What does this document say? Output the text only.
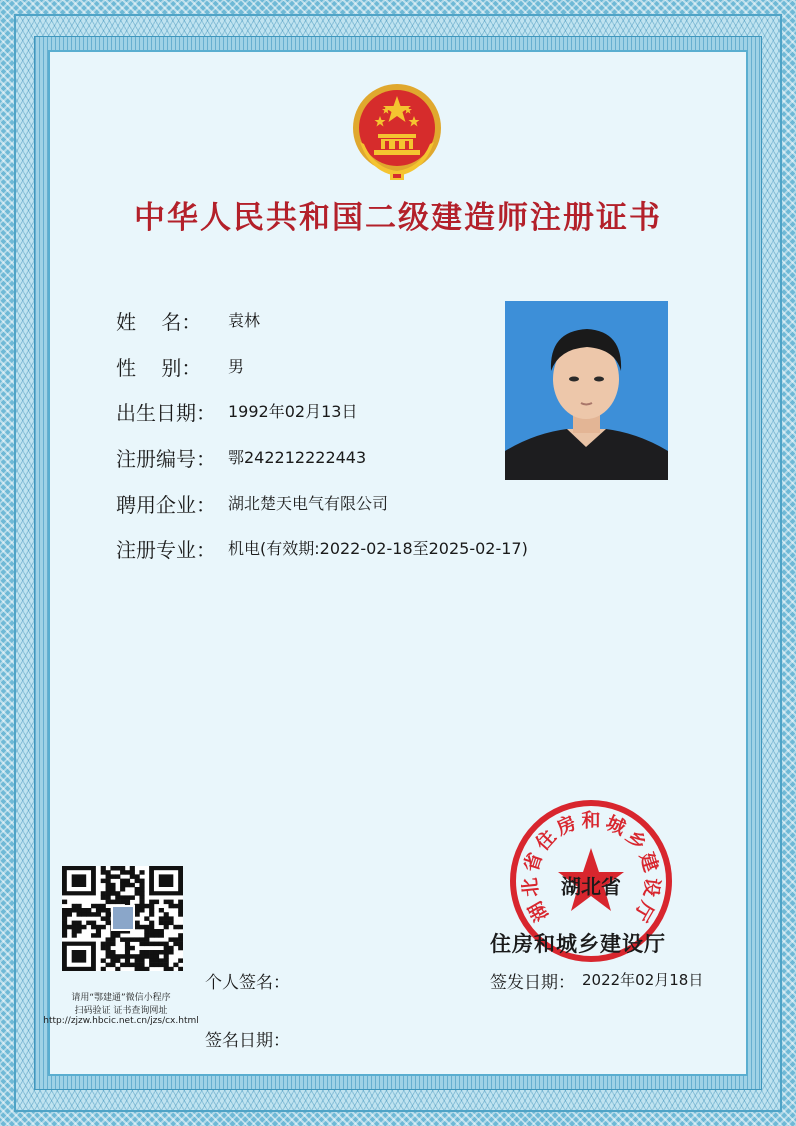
中华人民共和国二级建造师注册证书
姓    名： 袁林
性    别： 男
出生日期： 1992年02月13日
注册编号： 鄂242212222443
聘用企业： 湖北楚天电气有限公司
注册专业： 机电(有效期:2022-02-18至2025-02-17)
请用“鄂建通”微信小程序
扫码验证 证书查询网址
http://zjzw.hbcic.net.cn/jzs/cx.html
个人签名：
签名日期：
湖
北
省
住
房 和 城
乡
建
设
厅
湖北省
住房和城乡建设厅
签发日期： 2022年02月18日
